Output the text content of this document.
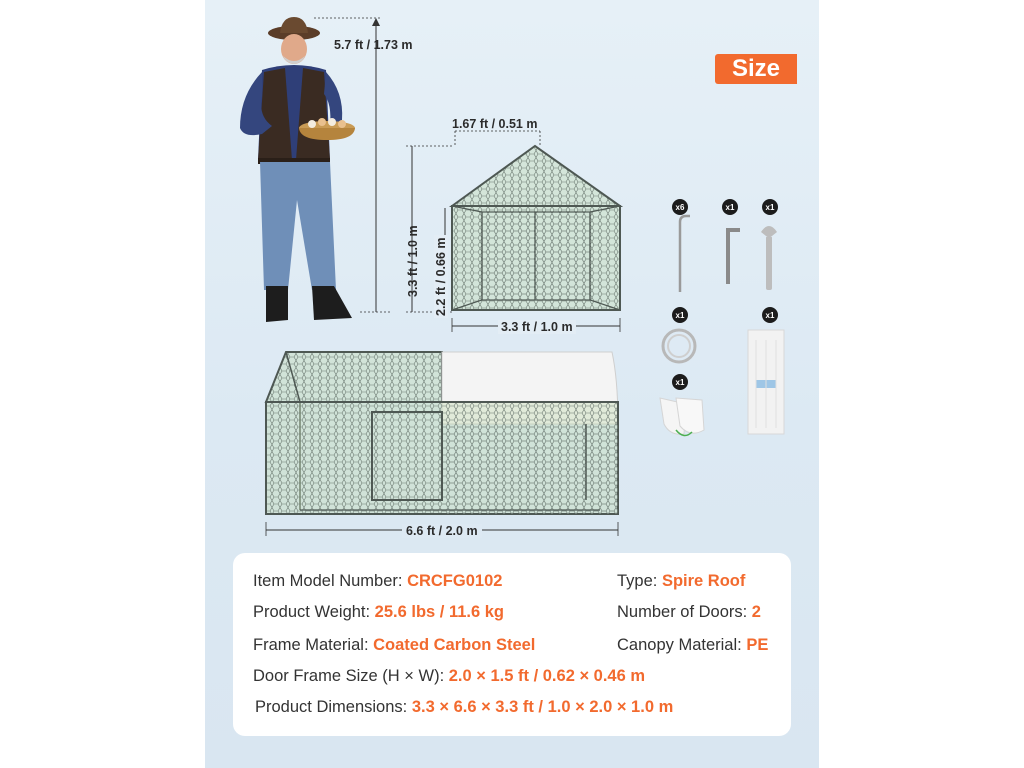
Size
5.7 ft / 1.73 m
1.67 ft / 0.51 m
3.3 ft / 1.0 m 2.2 ft / 0.66 m
3.3 ft / 1.0 m
6.6 ft / 2.0 m
x6	x1	x1
x1	x1
x1
Item Model Number: CRCFG0102	Type: Spire Roof
Product Weight: 25.6 lbs / 11.6 kg	Number of Doors: 2
Frame Material: Coated Carbon Steel	Canopy Material: PE
Door Frame Size (H × W): 2.0 × 1.5 ft / 0.62 × 0.46 m
Product Dimensions: 3.3 × 6.6 × 3.3 ft / 1.0 × 2.0 × 1.0 m
